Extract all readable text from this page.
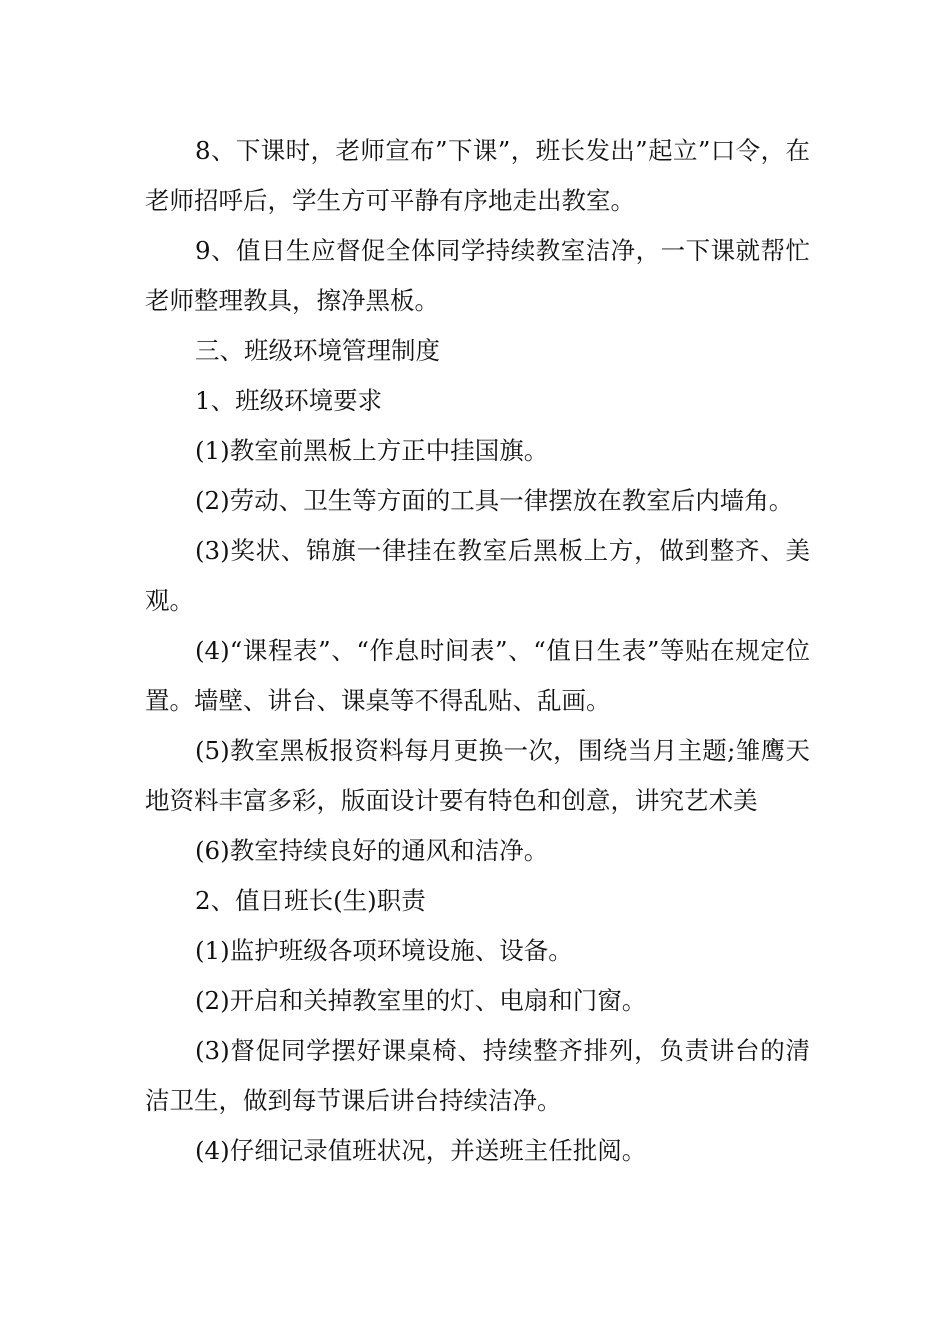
8、下课时，老师宣布”下课”，班长发出”起立”口令，在老师招呼后，学生方可平静有序地走出教室。

9、值日生应督促全体同学持续教室洁净，一下课就帮忙老师整理教具，擦净黑板。

三、班级环境管理制度

1、班级环境要求

(1)教室前黑板上方正中挂国旗。

(2)劳动、卫生等方面的工具一律摆放在教室后内墙角。

(3)奖状、锦旗一律挂在教室后黑板上方，做到整齐、美观。

(4)“课程表”、“作息时间表”、“值日生表”等贴在规定位置。墙壁、讲台、课桌等不得乱贴、乱画。

(5)教室黑板报资料每月更换一次，围绕当月主题;雏鹰天地资料丰富多彩，版面设计要有特色和创意，讲究艺术美

(6)教室持续良好的通风和洁净。

2、值日班长(生)职责

(1)监护班级各项环境设施、设备。

(2)开启和关掉教室里的灯、电扇和门窗。

(3)督促同学摆好课桌椅、持续整齐排列，负责讲台的清洁卫生，做到每节课后讲台持续洁净。

(4)仔细记录值班状况，并送班主任批阅。
